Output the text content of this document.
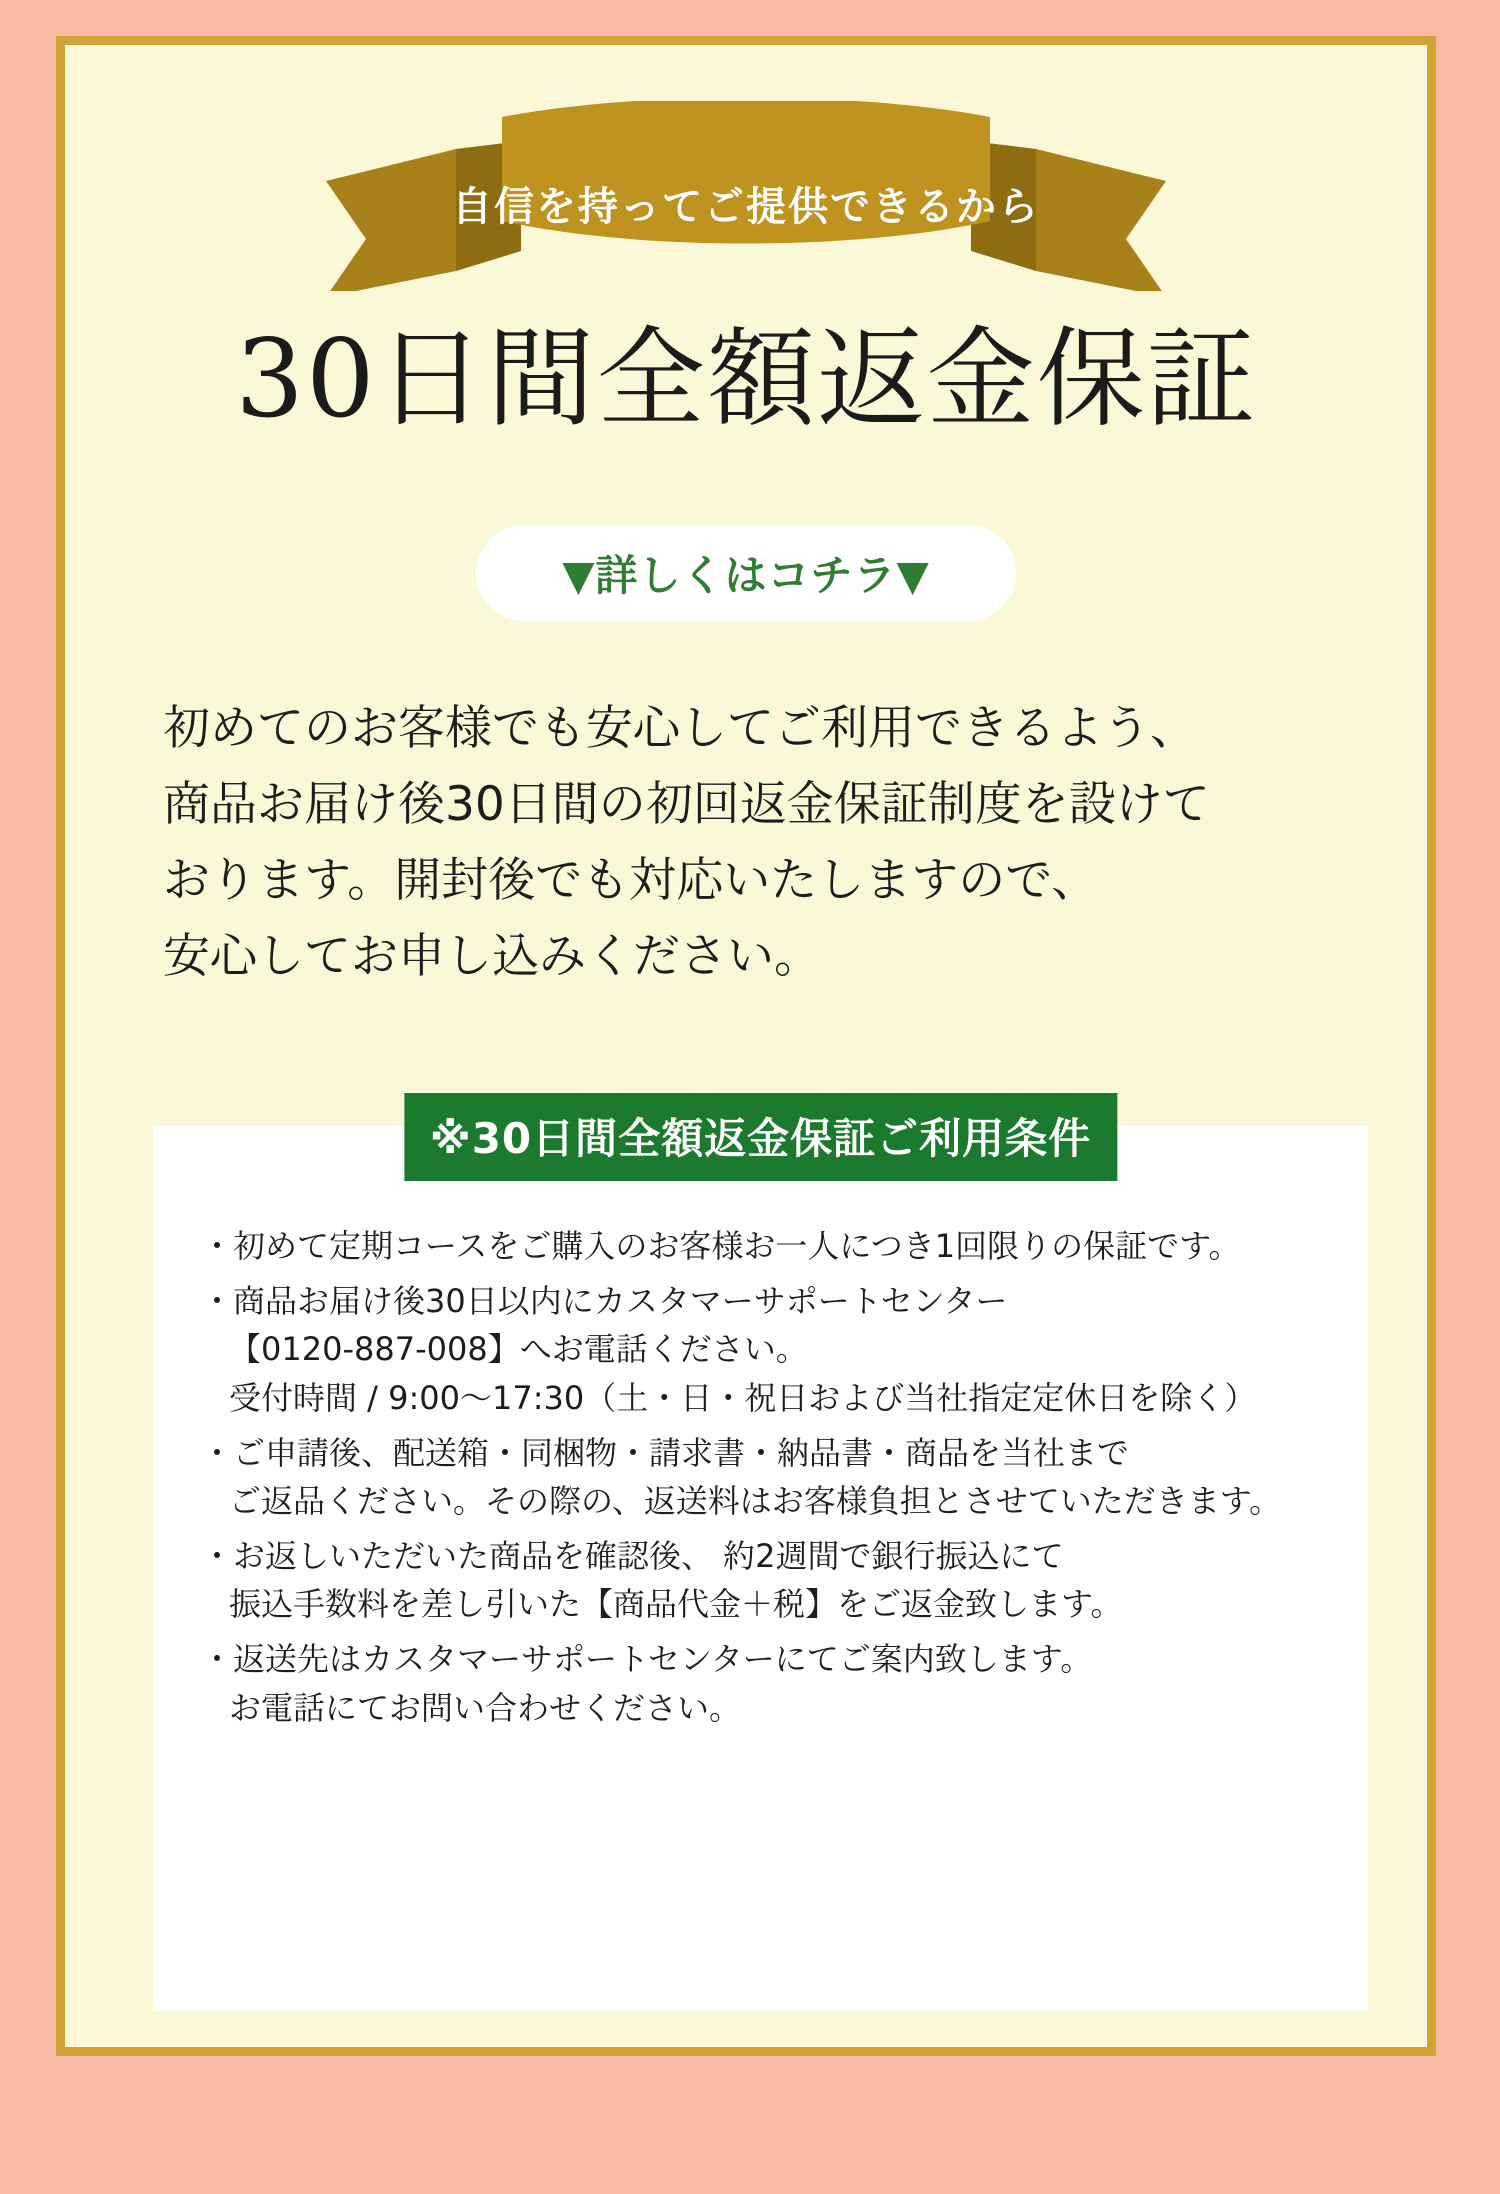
自信を持ってご提供できるから
30日間全額返金保証
▼詳しくはコチラ▼
初めてのお客様でも安心してご利用できるよう、
商品お届け後30日間の初回返金保証制度を設けて
おります。開封後でも対応いたしますので、
安心してお申し込みください。
※30日間全額返金保証ご利用条件
・初めて定期コースをご購入のお客様お一人につき1回限りの保証です。
・商品お届け後30日以内にカスタマーサポートセンター
【0120-887-008】へお電話ください。
受付時間 / 9:00〜17:30（土・日・祝日および当社指定定休日を除く）
・ご申請後、配送箱・同梱物・請求書・納品書・商品を当社まで
ご返品ください。その際の、返送料はお客様負担とさせていただきます。
・お返しいただいた商品を確認後、 約2週間で銀行振込にて
振込手数料を差し引いた【商品代金＋税】をご返金致します。
・返送先はカスタマーサポートセンターにてご案内致します。
お電話にてお問い合わせください。
